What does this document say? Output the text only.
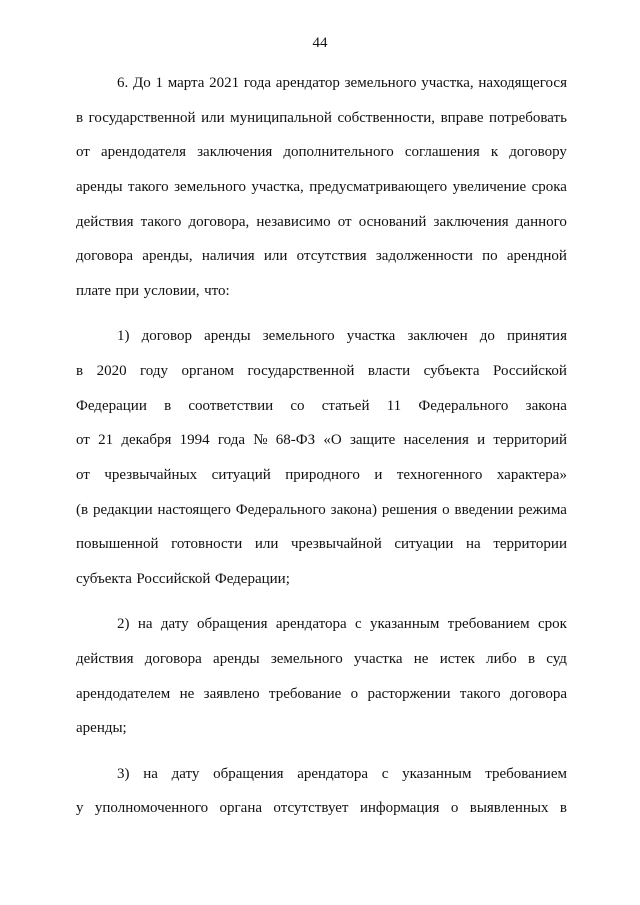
44
6. До 1 марта 2021 года арендатор земельного участка, находящегося
в государственной или муниципальной собственности, вправе потребовать
от арендодателя заключения дополнительного соглашения к договору
аренды такого земельного участка, предусматривающего увеличение срока
действия такого договора, независимо от оснований заключения данного
договора аренды, наличия или отсутствия задолженности по арендной
плате при условии, что:
1) договор аренды земельного участка заключен до принятия
в 2020 году органом государственной власти субъекта Российской
Федерации в соответствии со статьей 11 Федерального закона
от 21 декабря 1994 года № 68-ФЗ «О защите населения и территорий
от чрезвычайных ситуаций природного и техногенного характера»
(в редакции настоящего Федерального закона) решения о введении режима
повышенной готовности или чрезвычайной ситуации на территории
субъекта Российской Федерации;
2) на дату обращения арендатора с указанным требованием срок
действия договора аренды земельного участка не истек либо в суд
арендодателем не заявлено требование о расторжении такого договора
аренды;
3) на дату обращения арендатора с указанным требованием
у уполномоченного органа отсутствует информация о выявленных в
